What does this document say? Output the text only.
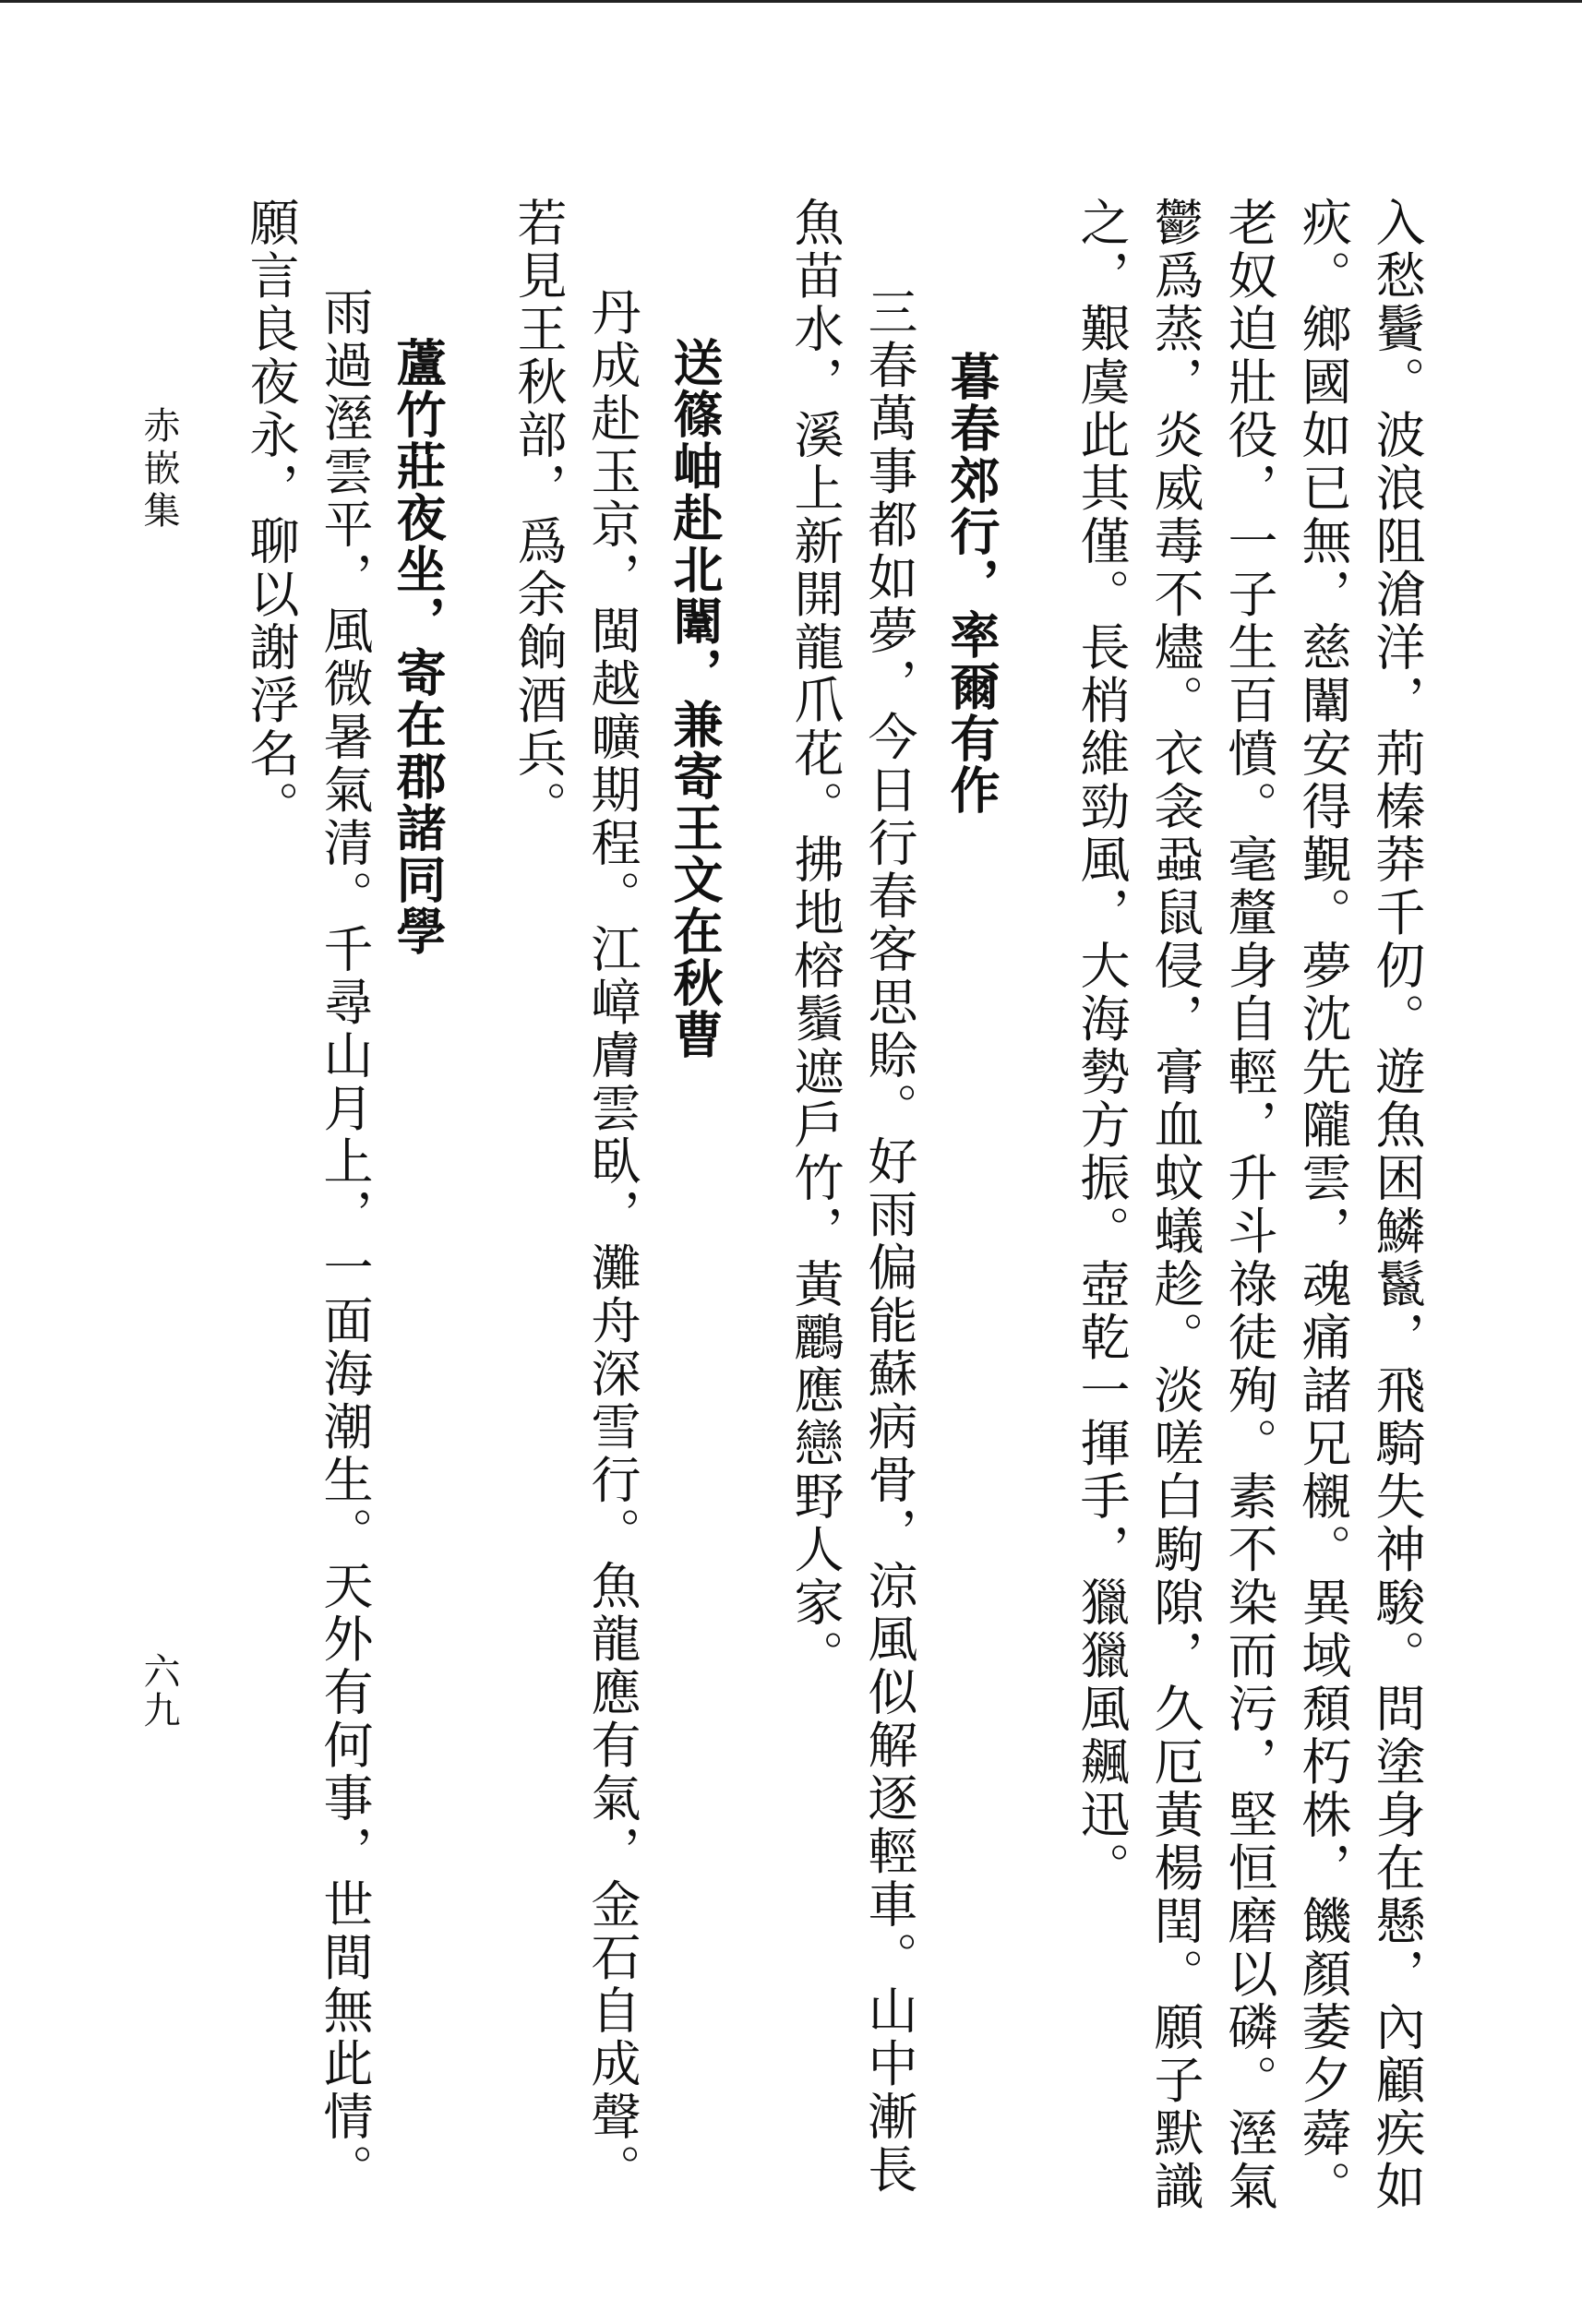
入愁鬢。波浪阻滄洋，荊榛莽千仞。遊魚困鱗鬣，飛騎失神駿。問塗身在懸，內顧疾如
疢。鄉國如已無，慈闈安得覲。夢沈先隴雲，魂痛諸兄櫬。異域頹朽株，饑顏萎夕蕣。
老奴迫壯役，一子生百憤。毫釐身自輕，升斗祿徒殉。素不染而污，堅恒磨以磷。溼氣
鬱爲蒸，炎威毒不燼。衣衾蝨鼠侵，膏血蚊蟻趁。淡嗟白駒隙，久厄黃楊閏。願子默識
之，艱虞此其僅。長梢維勁風，大海勢方振。壺乾一揮手，獵獵風飆迅。
暮春郊行，率爾有作
三春萬事都如夢，今日行春客思賒。好雨偏能蘇病骨，涼風似解逐輕車。山中漸長
魚苗水，溪上新開龍爪花。拂地榕鬚遮戶竹，黃鸝應戀野人家。
送篠岫赴北闈，兼寄王文在秋曹
丹成赴玉京，閩越曠期程。江嶂膚雲臥，灘舟深雪行。魚龍應有氣，金石自成聲。
若見王秋部，爲余餉酒兵。
蘆竹莊夜坐，寄在郡諸同學
雨過溼雲平，風微暑氣清。千尋山月上，一面海潮生。天外有何事，世間無此情。
願言良夜永，聊以謝浮名。
赤嵌集
六九
